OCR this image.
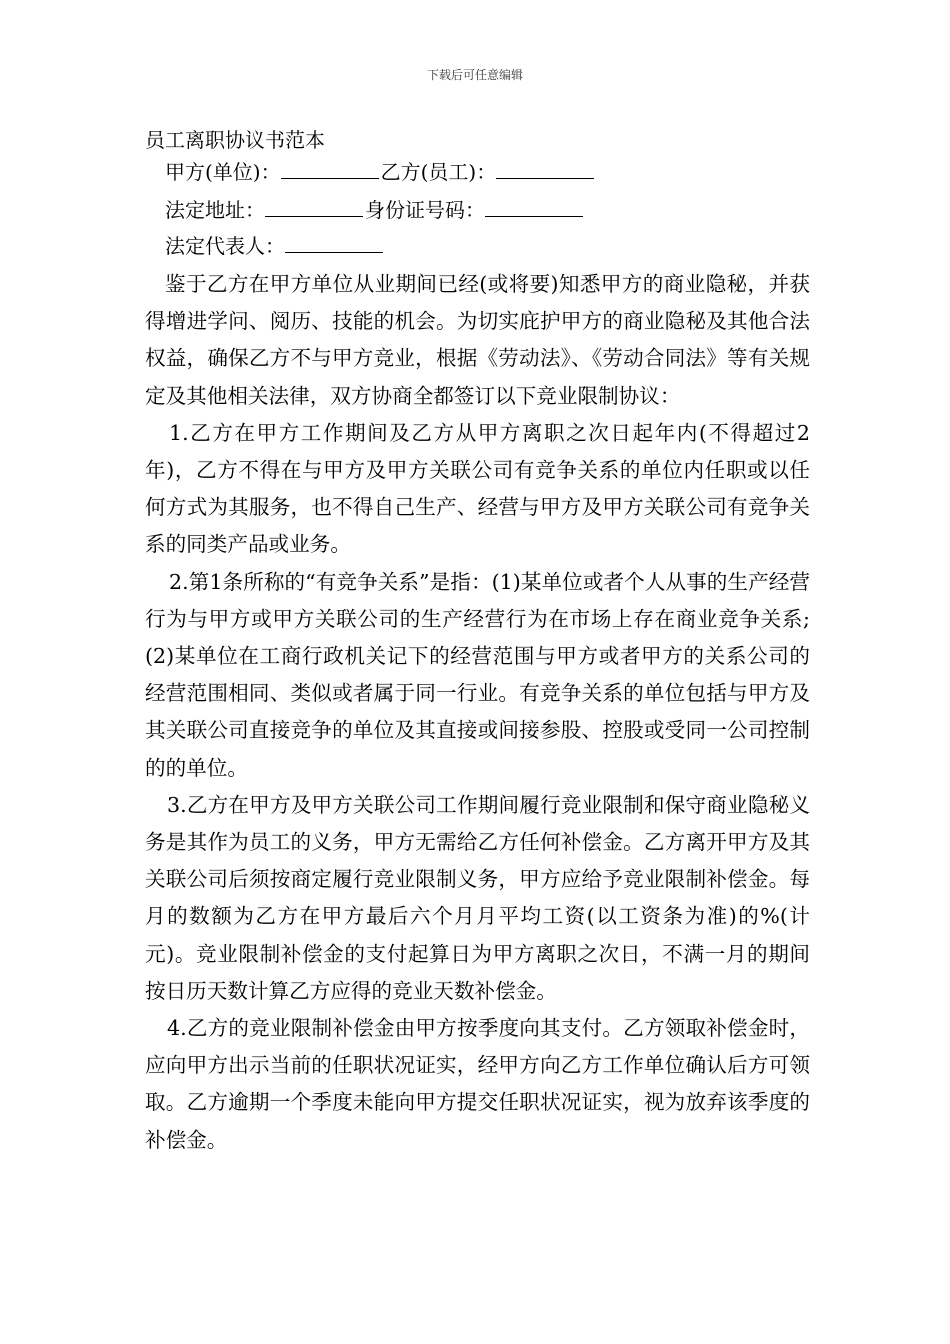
下载后可任意编辑
员工离职协议书范本
甲方(单位)：	乙方(员工)：
法定地址：	身份证号码：
法定代表人：

鉴于乙方在甲方单位从业期间已经(或将要)知悉甲方的商业隐秘，并获得增进学问、阅历、技能的机会。为切实庇护甲方的商业隐秘及其他合法权益，确保乙方不与甲方竞业，根据《劳动法》、《劳动合同法》等有关规定及其他相关法律，双方协商全都签订以下竞业限制协议：

1.乙方在甲方工作期间及乙方从甲方离职之次日起年内(不得超过2年)，乙方不得在与甲方及甲方关联公司有竞争关系的单位内任职或以任何方式为其服务，也不得自己生产、经营与甲方及甲方关联公司有竞争关系的同类产品或业务。

2.第1条所称的“有竞争关系”是指：(1)某单位或者个人从事的生产经营行为与甲方或甲方关联公司的生产经营行为在市场上存在商业竞争关系;(2)某单位在工商行政机关记下的经营范围与甲方或者甲方的关系公司的经营范围相同、类似或者属于同一行业。有竞争关系的单位包括与甲方及其关联公司直接竞争的单位及其直接或间接参股、控股或受同一公司控制的的单位。

3.乙方在甲方及甲方关联公司工作期间履行竞业限制和保守商业隐秘义务是其作为员工的义务，甲方无需给乙方任何补偿金。乙方离开甲方及其关联公司后须按商定履行竞业限制义务，甲方应给予竞业限制补偿金。每月的数额为乙方在甲方最后六个月月平均工资(以工资条为准)的%(计元)。竞业限制补偿金的支付起算日为甲方离职之次日，不满一月的期间按日历天数计算乙方应得的竞业天数补偿金。

4.乙方的竞业限制补偿金由甲方按季度向其支付。乙方领取补偿金时，应向甲方出示当前的任职状况证实，经甲方向乙方工作单位确认后方可领取。乙方逾期一个季度未能向甲方提交任职状况证实，视为放弃该季度的补偿金。
